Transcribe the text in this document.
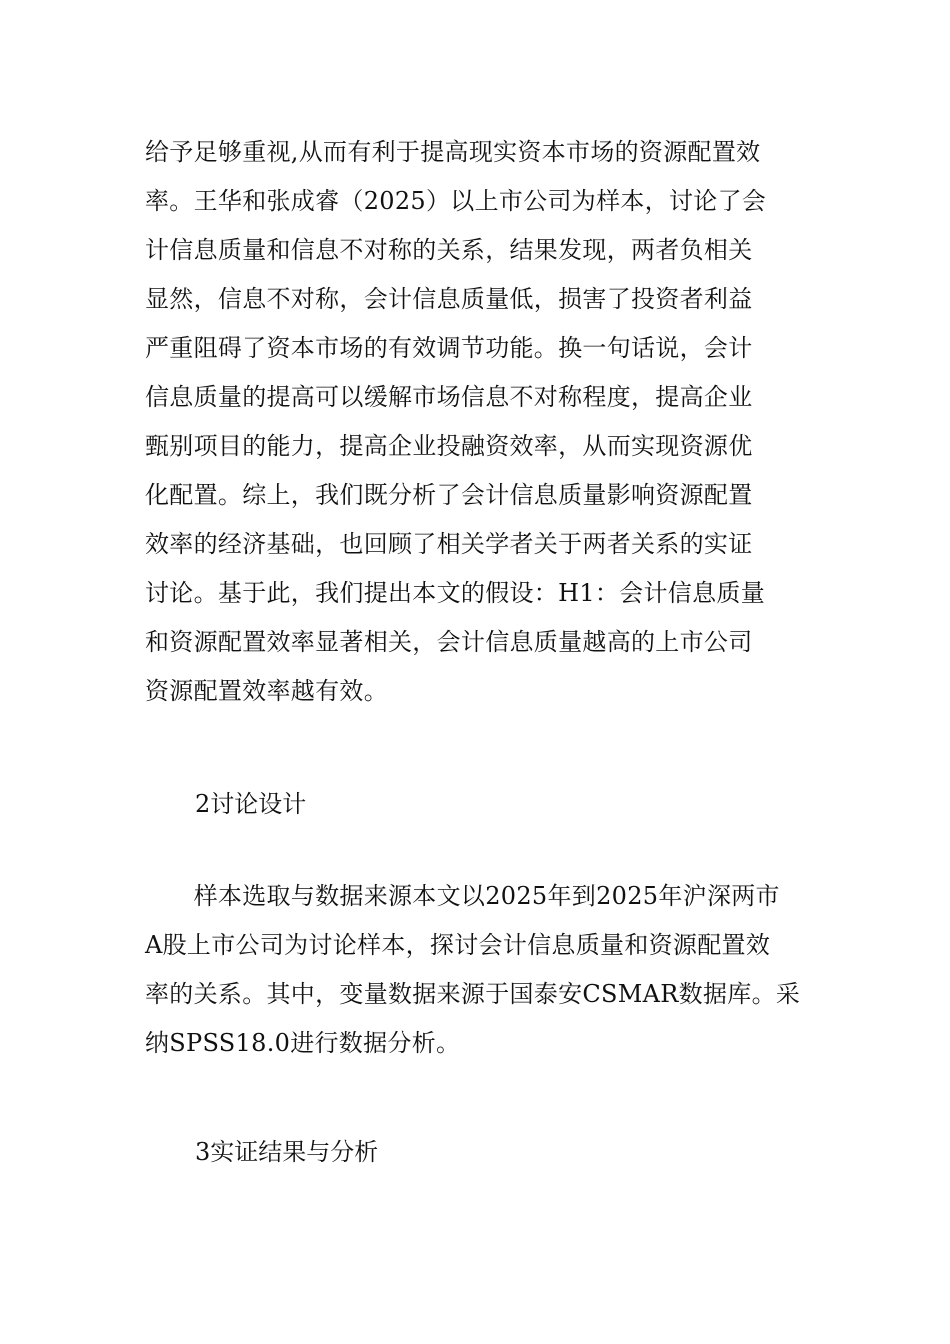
给予足够重视,从而有利于提高现实资本市场的资源配置效
率。王华和张成睿（2025）以上市公司为样本，讨论了会
计信息质量和信息不对称的关系，结果发现，两者负相关
显然，信息不对称，会计信息质量低，损害了投资者利益
严重阻碍了资本市场的有效调节功能。换一句话说，会计
信息质量的提高可以缓解市场信息不对称程度，提高企业
甄别项目的能力，提高企业投融资效率，从而实现资源优
化配置。综上，我们既分析了会计信息质量影响资源配置
效率的经济基础，也回顾了相关学者关于两者关系的实证
讨论。基于此，我们提出本文的假设：H1：会计信息质量
和资源配置效率显著相关，会计信息质量越高的上市公司
资源配置效率越有效。
2讨论设计
　　样本选取与数据来源本文以2025年到2025年沪深两市
A股上市公司为讨论样本，探讨会计信息质量和资源配置效
率的关系。其中，变量数据来源于国泰安CSMAR数据库。采
纳SPSS18.0进行数据分析。
3实证结果与分析
